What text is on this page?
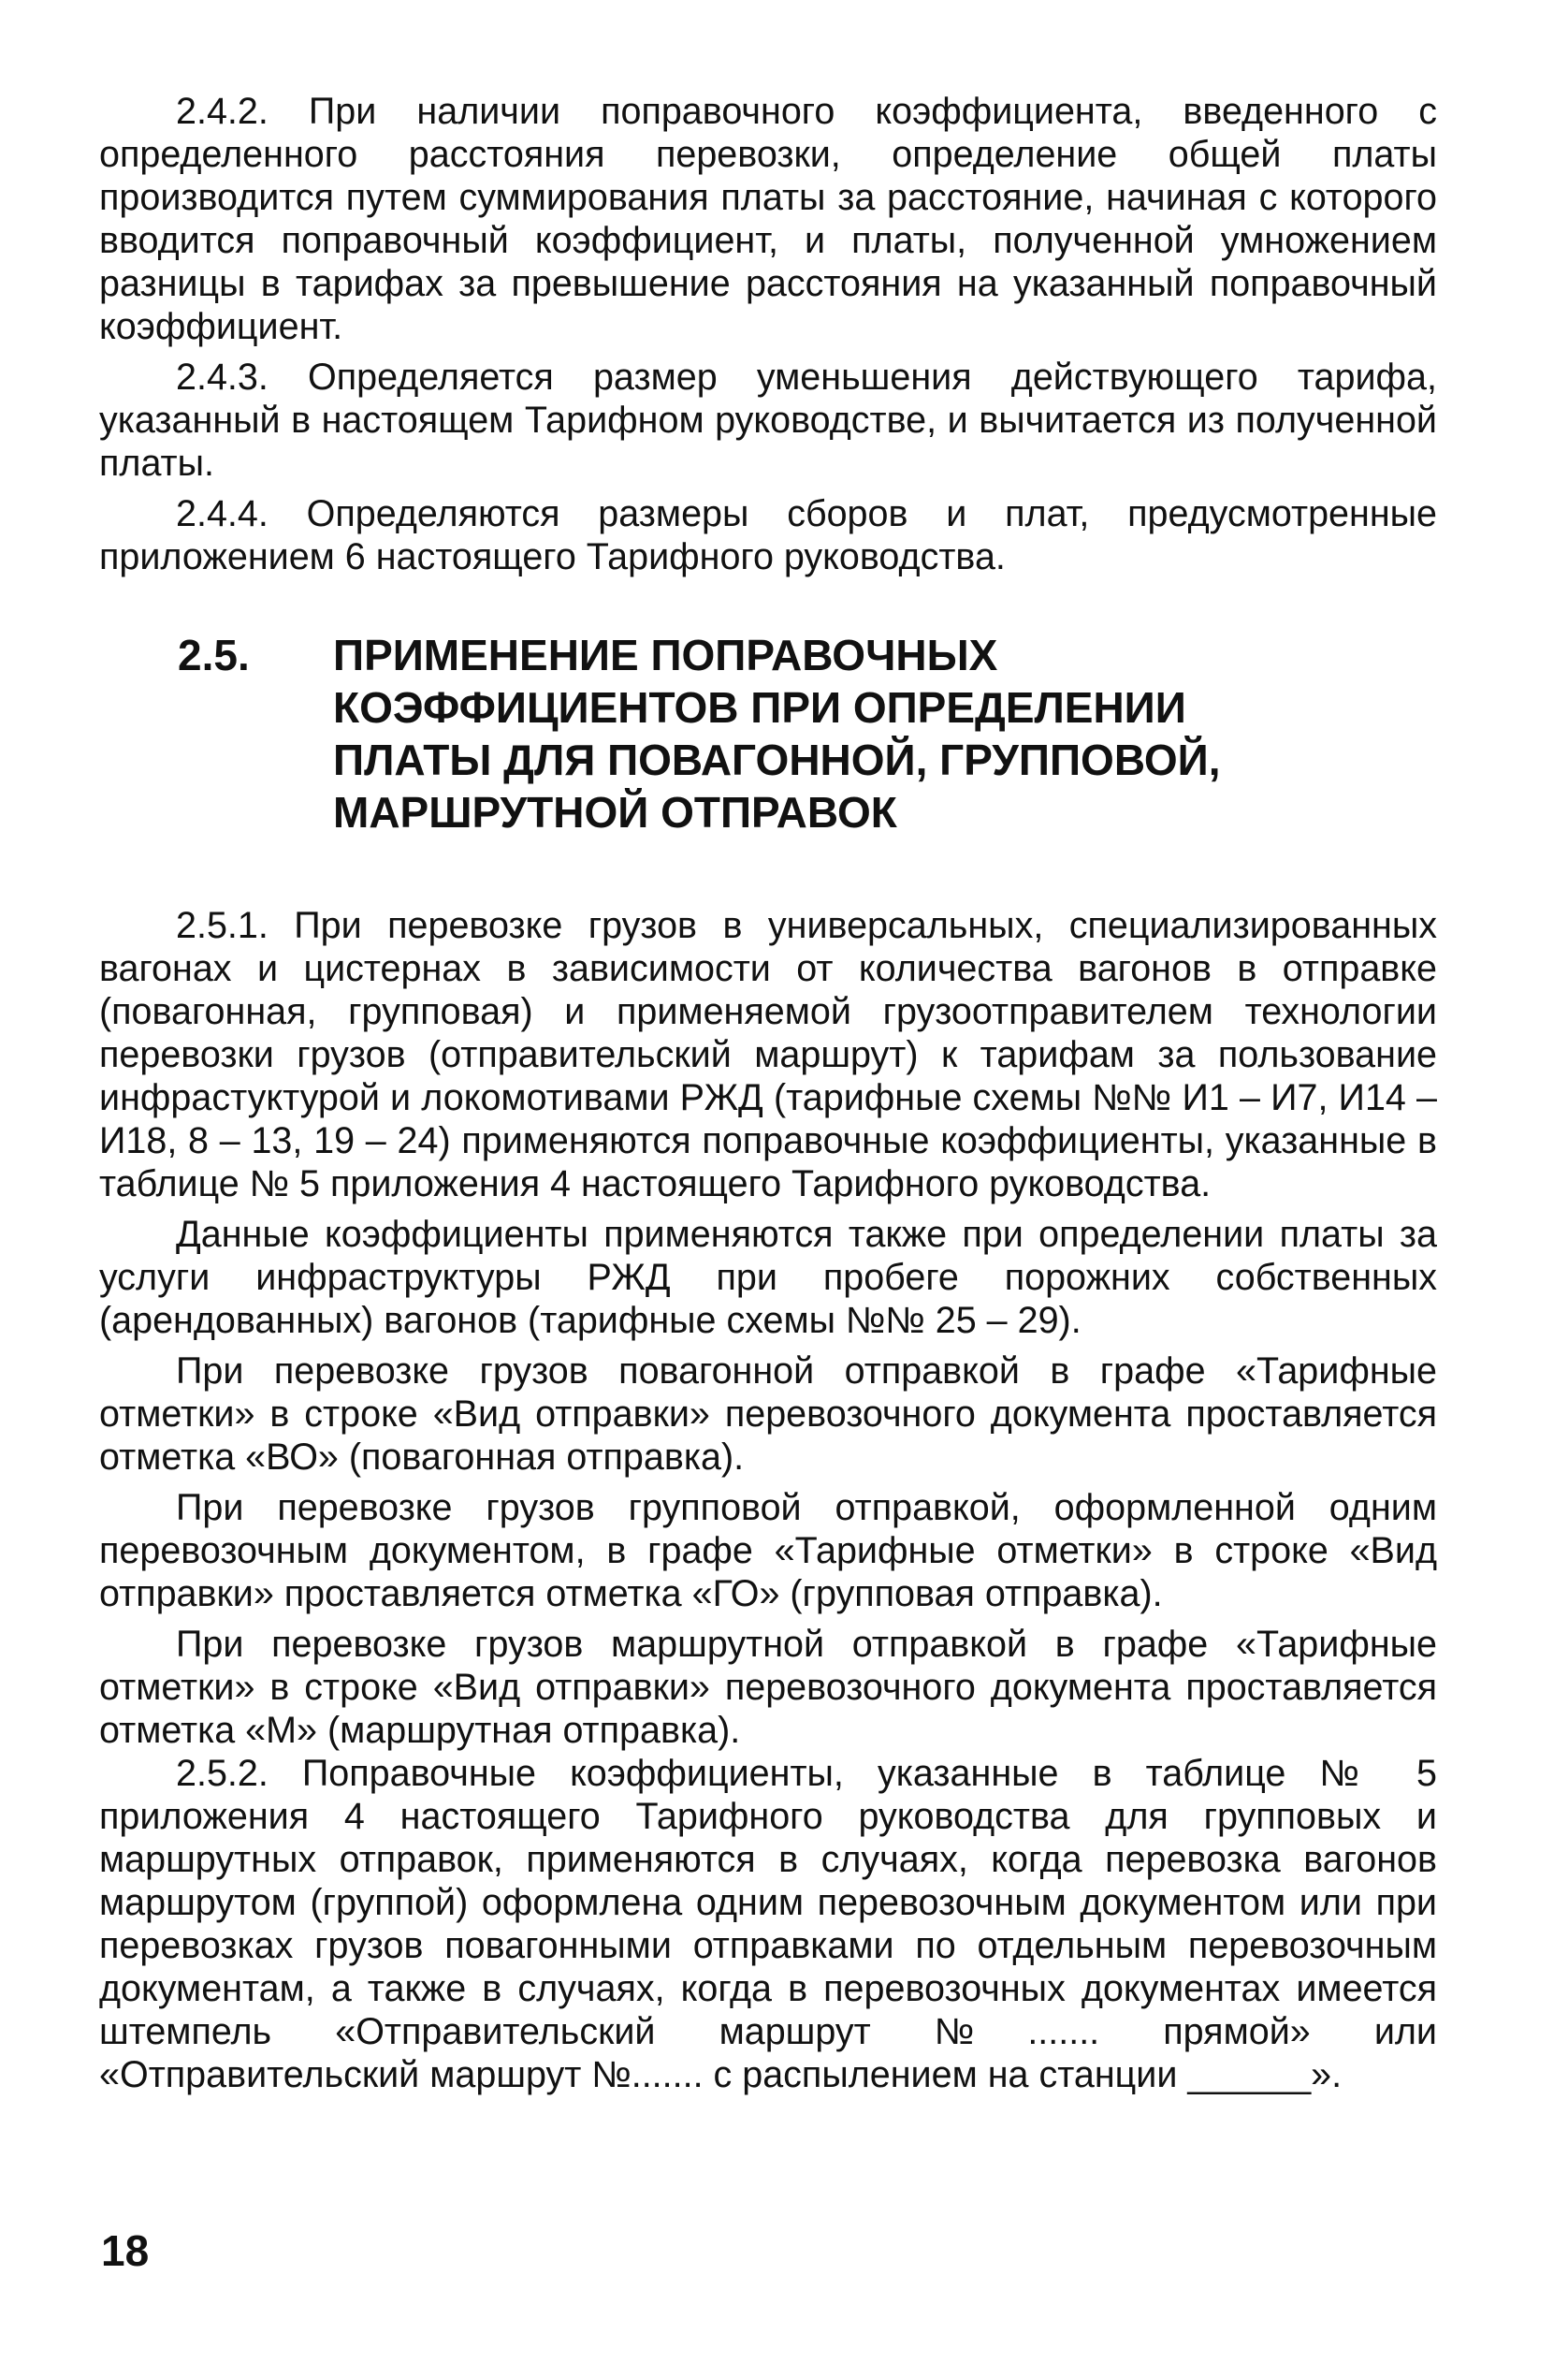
2.4.2. При наличии поправочного коэффициента, введенного с определенного расстояния перевозки, определение общей платы производится путем суммирования платы за расстояние, начиная с которого вводится поправочный коэффициент, и платы, полученной умножением разницы в тарифах за превышение расстояния на указанный поправочный коэффициент.

2.4.3. Определяется размер уменьшения действующего тарифа, указанный в настоящем Тарифном руководстве, и вычитается из полученной платы.

2.4.4. Определяются размеры сборов и плат, предусмотренные приложением 6 настоящего Тарифного руководства.

2.5. ПРИМЕНЕНИЕ ПОПРАВОЧНЫХ
КОЭФФИЦИЕНТОВ ПРИ ОПРЕДЕЛЕНИИ
ПЛАТЫ ДЛЯ ПОВАГОННОЙ, ГРУППОВОЙ,
МАРШРУТНОЙ ОТПРАВОК

2.5.1. При перевозке грузов в универсальных, специализированных вагонах и цистернах в зависимости от количества вагонов в отправке (повагонная, групповая) и применяемой грузоотправителем технологии перевозки грузов (отправительский маршрут) к тарифам за пользование инфрастуктурой и локомотивами РЖД (тарифные схемы №№ И1 – И7, И14 – И18, 8 – 13, 19 – 24) применяются поправочные коэффициенты, указанные в таблице № 5 приложения 4 настоящего Тарифного руководства.

Данные коэффициенты применяются также при определении платы за услуги инфраструктуры РЖД при пробеге порожних собственных (арендованных) вагонов (тарифные схемы №№ 25 – 29).

При перевозке грузов повагонной отправкой в графе «Тарифные отметки» в строке «Вид отправки» перевозочного документа проставляется отметка «ВО» (повагонная отправка).

При перевозке грузов групповой отправкой, оформленной одним перевозочным документом, в графе «Тарифные отметки» в строке «Вид отправки» проставляется отметка «ГО» (групповая отправка).

При перевозке грузов маршрутной отправкой в графе «Тарифные отметки» в строке «Вид отправки» перевозочного документа проставляется отметка «М» (маршрутная отправка).

2.5.2. Поправочные коэффициенты, указанные в таблице № 5 приложения 4 настоящего Тарифного руководства для групповых и маршрутных отправок, применяются в случаях, когда перевозка вагонов маршрутом (группой) оформлена одним перевозочным документом или при перевозках грузов повагонными отправками по отдельным перевозочным документам, а также в случаях, когда в перевозочных документах имеется штемпель «Отправительский маршрут №....... прямой» или «Отправительский маршрут №....... с распылением на станции ______».

18
